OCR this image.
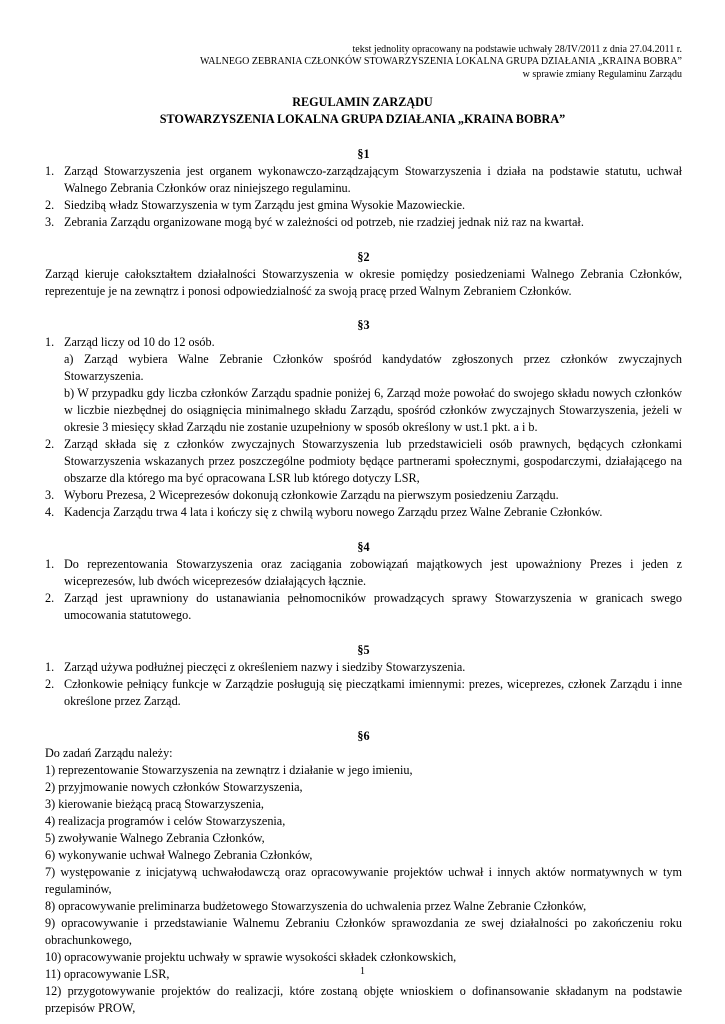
tekst jednolity opracowany na podstawie uchwały 28/IV/2011 z dnia 27.04.2011 r.
WALNEGO ZEBRANIA CZŁONKÓW STOWARZYSZENIA LOKALNA GRUPA DZIAŁANIA „KRAINA BOBRA”
w sprawie zmiany Regulaminu Zarządu
REGULAMIN ZARZĄDU
STOWARZYSZENIA LOKALNA GRUPA DZIAŁANIA „KRAINA BOBRA”
§1
1. Zarząd Stowarzyszenia jest organem wykonawczo-zarządzającym Stowarzyszenia i działa na podstawie statutu, uchwał Walnego Zebrania Członków oraz niniejszego regulaminu.
2. Siedzibą władz Stowarzyszenia w tym Zarządu jest gmina Wysokie Mazowieckie.
3. Zebrania Zarządu organizowane mogą być w zależności od potrzeb, nie rzadziej jednak niż raz na kwartał.
§2
Zarząd kieruje całokształtem działalności Stowarzyszenia w okresie pomiędzy posiedzeniami Walnego Zebrania Członków, reprezentuje je na zewnątrz i ponosi odpowiedzialność za swoją pracę przed Walnym Zebraniem Członków.
§3
1. Zarząd liczy od 10 do 12 osób.
a) Zarząd wybiera Walne Zebranie Członków spośród kandydatów zgłoszonych przez członków zwyczajnych Stowarzyszenia.
b) W przypadku gdy liczba członków Zarządu spadnie poniżej 6, Zarząd może powołać do swojego składu nowych członków w liczbie niezbędnej do osiągnięcia minimalnego składu Zarządu, spośród członków zwyczajnych Stowarzyszenia, jeżeli w okresie 3 miesięcy skład Zarządu nie zostanie uzupełniony w sposób określony w ust.1 pkt. a i b.
2. Zarząd składa się z członków zwyczajnych Stowarzyszenia lub przedstawicieli osób prawnych, będących członkami Stowarzyszenia wskazanych przez poszczególne podmioty będące partnerami społecznymi, gospodarczymi, działającego na obszarze dla którego ma być opracowana LSR lub którego dotyczy LSR,
3. Wyboru Prezesa, 2 Wiceprezesów dokonują członkowie Zarządu na pierwszym posiedzeniu Zarządu.
4. Kadencja Zarządu trwa 4 lata i kończy się z chwilą wyboru nowego Zarządu przez Walne Zebranie Członków.
§4
1. Do reprezentowania Stowarzyszenia oraz zaciągania zobowiązań majątkowych jest upoważniony Prezes i jeden z wiceprezesów, lub dwóch wiceprezesów działających łącznie.
2. Zarząd jest uprawniony do ustanawiania pełnomocników prowadzących sprawy Stowarzyszenia w granicach swego umocowania statutowego.
§5
1. Zarząd używa podłużnej pieczęci z określeniem nazwy i siedziby Stowarzyszenia.
2. Członkowie pełniący funkcje w Zarządzie posługują się pieczątkami imiennymi: prezes, wiceprezes, członek Zarządu i inne określone przez Zarząd.
§6
Do zadań Zarządu należy:
1) reprezentowanie Stowarzyszenia na zewnątrz i działanie w jego imieniu,
2) przyjmowanie nowych członków Stowarzyszenia,
3) kierowanie bieżącą pracą Stowarzyszenia,
4) realizacja programów i celów Stowarzyszenia,
5) zwoływanie Walnego Zebrania Członków,
6) wykonywanie uchwał Walnego Zebrania Członków,
7) występowanie z inicjatywą uchwałodawczą oraz opracowywanie projektów uchwał i innych aktów normatywnych w tym regulaminów,
8) opracowywanie preliminarza budżetowego Stowarzyszenia do uchwalenia przez Walne Zebranie Członków,
9) opracowywanie i przedstawianie Walnemu Zebraniu Członków sprawozdania ze swej działalności po zakończeniu roku obrachunkowego,
10) opracowywanie projektu uchwały w sprawie wysokości składek członkowskich,
11) opracowywanie LSR,
12) przygotowywanie projektów do realizacji, które zostaną objęte wnioskiem o dofinansowanie składanym na podstawie przepisów PROW,
1
